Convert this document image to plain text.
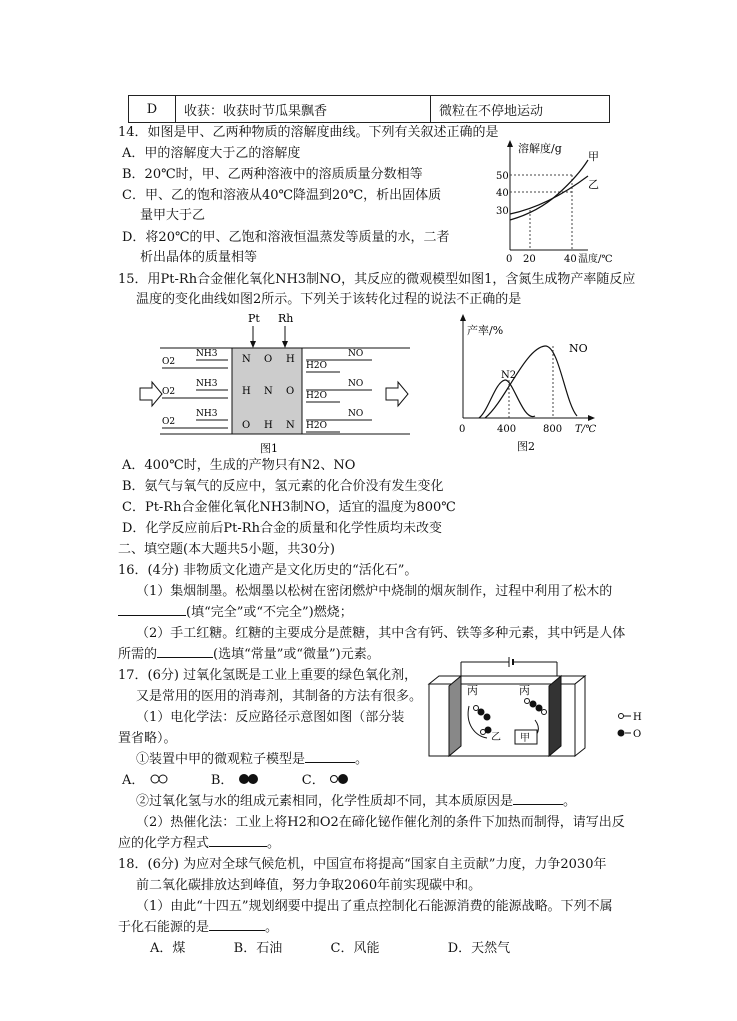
D	收获：收获时节瓜果飘香	微粒在不停地运动
14．如图是甲、乙两种物质的溶解度曲线。下列有关叙述正确的是
A．甲的溶解度大于乙的溶解度
B．20℃时，甲、乙两种溶液中的溶质质量分数相等
C．甲、乙的饱和溶液从40℃降温到20℃，析出固体质
量甲大于乙
D．将20℃的甲、乙饱和溶液恒温蒸发等质量的水，二者
析出晶体的质量相等
溶解度/g
50
40
30
0 20	40 温度/℃
甲
乙
15．用Pt-Rh合金催化氧化NH3制NO，其反应的微观模型如图1，含氮生成物产率随反应
温度的变化曲线如图2所示。下列关于该转化过程的说法不正确的是
Pt Rh
N O H
H N O
O H N
O2
O2
O2
NH3
NH3
NH3
H2O
H2O
H2O
NO
NO
NO
图1
产率/%
N2
NO
0	400	800 T/℃
图2
A．400℃时，生成的产物只有N2、NO
B．氨气与氧气的反应中，氢元素的化合价没有发生变化
C．Pt-Rh合金催化氧化NH3制NO，适宜的温度为800℃
D．化学反应前后Pt-Rh合金的质量和化学性质均未改变
二、填空题(本大题共5小题，共30分)
16．(4分) 非物质文化遗产是文化历史的“活化石”。
（1）集烟制墨。松烟墨以松树在密闭燃炉中烧制的烟灰制作，过程中利用了松木的
(填“完全”或“不完全”)燃烧；
（2）手工红糖。红糖的主要成分是蔗糖，其中含有钙、铁等多种元素，其中钙是人体
所需的	(选填“常量”或“微量”)元素。
17．(6分) 过氧化氢既是工业上重要的绿色氧化剂，
又是常用的医用的消毒剂，其制备的方法有很多。
（1）电化学法：反应路径示意图如图（部分装
置省略）。
①装置中甲的微观粒子模型是	。
A．	B．	C．
②过氧化氢与水的组成元素相同，化学性质却不同，其本质原因是	。
（2）热催化法：工业上将H2和O2在碲化铋作催化剂的条件下加热而制得，请写出反
应的化学方程式	。
丙	丙
乙 甲
H
O
18．(6分) 为应对全球气候危机，中国宣布将提高“国家自主贡献”力度，力争2030年
前二氧化碳排放达到峰值，努力争取2060年前实现碳中和。
（1）由此“十四五”规划纲要中提出了重点控制化石能源消费的能源战略。下列不属
于化石能源的是	。
A．煤	B．石油	C．风能	D．天然气
